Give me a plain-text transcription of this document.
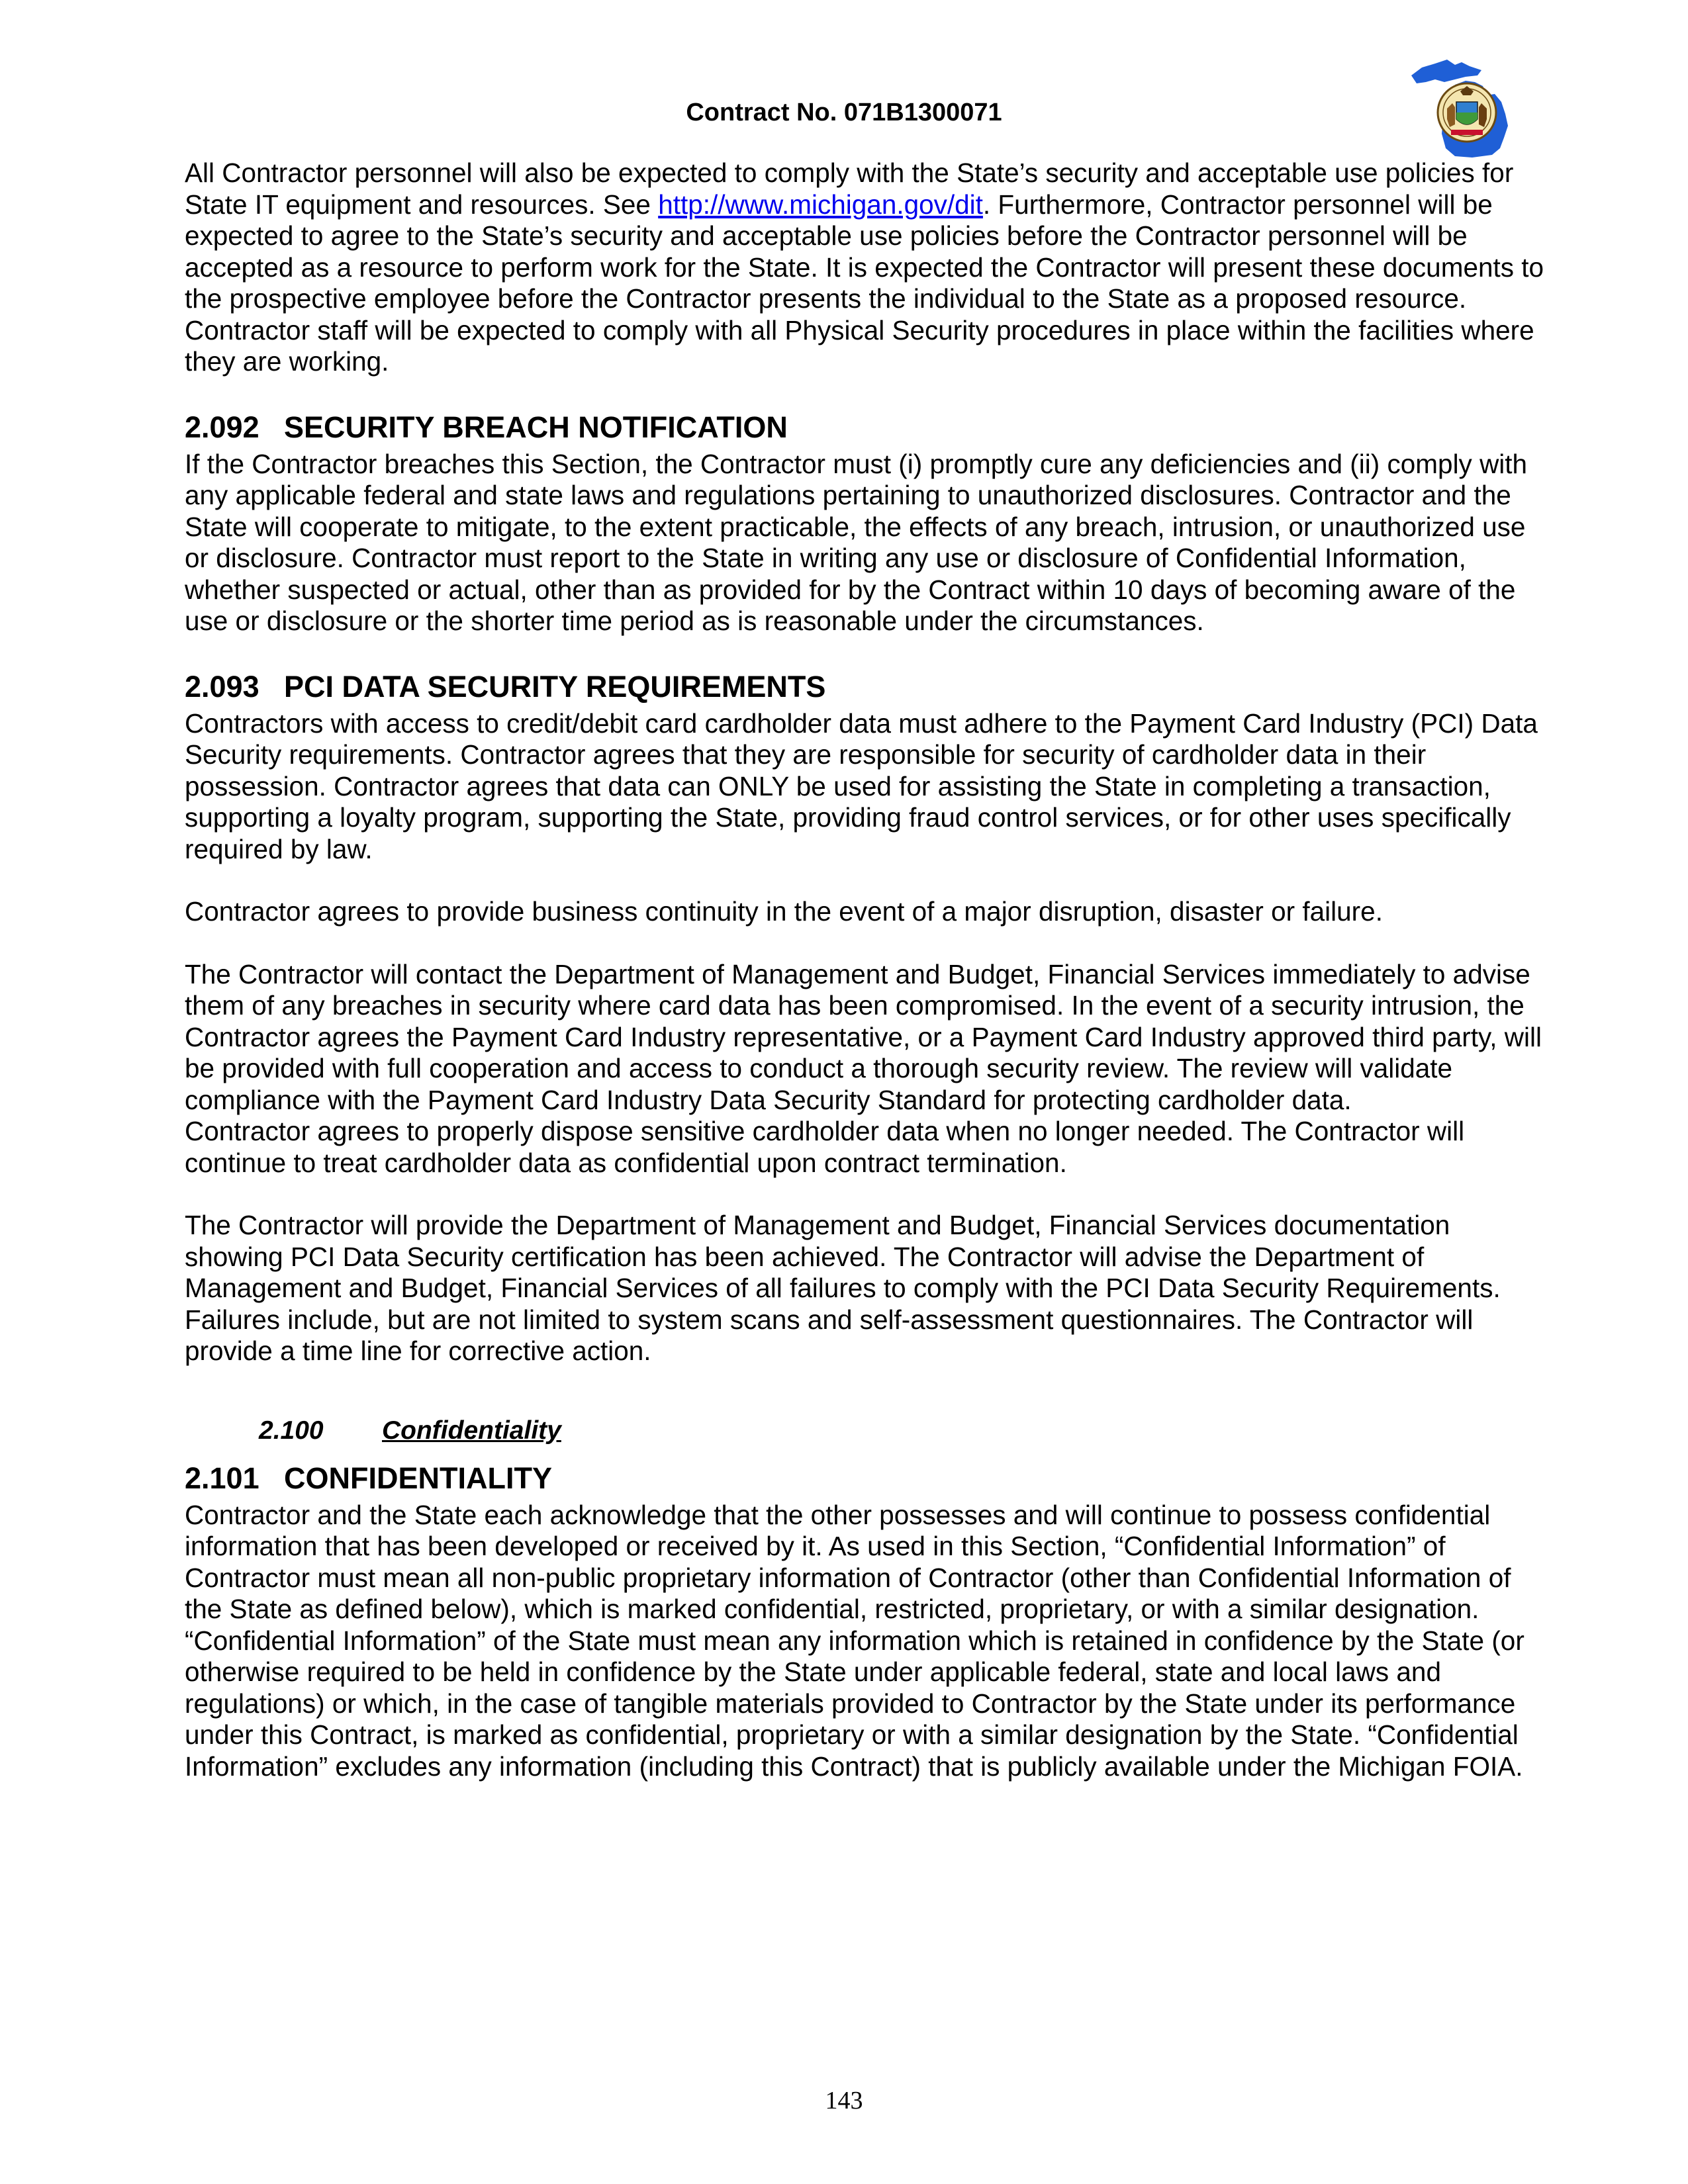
Contract No. 071B1300071

All Contractor personnel will also be expected to comply with the State’s security and acceptable use policies for State IT equipment and resources. See http://www.michigan.gov/dit. Furthermore, Contractor personnel will be expected to agree to the State’s security and acceptable use policies before the Contractor personnel will be accepted as a resource to perform work for the State. It is expected the Contractor will present these documents to the prospective employee before the Contractor presents the individual to the State as a proposed resource. Contractor staff will be expected to comply with all Physical Security procedures in place within the facilities where they are working.

2.092 SECURITY BREACH NOTIFICATION

If the Contractor breaches this Section, the Contractor must (i) promptly cure any deficiencies and (ii) comply with any applicable federal and state laws and regulations pertaining to unauthorized disclosures. Contractor and the State will cooperate to mitigate, to the extent practicable, the effects of any breach, intrusion, or unauthorized use or disclosure. Contractor must report to the State in writing any use or disclosure of Confidential Information, whether suspected or actual, other than as provided for by the Contract within 10 days of becoming aware of the use or disclosure or the shorter time period as is reasonable under the circumstances.

2.093 PCI DATA SECURITY REQUIREMENTS

Contractors with access to credit/debit card cardholder data must adhere to the Payment Card Industry (PCI) Data Security requirements. Contractor agrees that they are responsible for security of cardholder data in their possession. Contractor agrees that data can ONLY be used for assisting the State in completing a transaction, supporting a loyalty program, supporting the State, providing fraud control services, or for other uses specifically required by law.

Contractor agrees to provide business continuity in the event of a major disruption, disaster or failure.

The Contractor will contact the Department of Management and Budget, Financial Services immediately to advise them of any breaches in security where card data has been compromised. In the event of a security intrusion, the Contractor agrees the Payment Card Industry representative, or a Payment Card Industry approved third party, will be provided with full cooperation and access to conduct a thorough security review. The review will validate compliance with the Payment Card Industry Data Security Standard for protecting cardholder data.

Contractor agrees to properly dispose sensitive cardholder data when no longer needed. The Contractor will continue to treat cardholder data as confidential upon contract termination.

The Contractor will provide the Department of Management and Budget, Financial Services documentation showing PCI Data Security certification has been achieved. The Contractor will advise the Department of Management and Budget, Financial Services of all failures to comply with the PCI Data Security Requirements. Failures include, but are not limited to system scans and self-assessment questionnaires. The Contractor will provide a time line for corrective action.

2.100 Confidentiality
2.101 CONFIDENTIALITY

Contractor and the State each acknowledge that the other possesses and will continue to possess confidential information that has been developed or received by it. As used in this Section, “Confidential Information” of Contractor must mean all non-public proprietary information of Contractor (other than Confidential Information of the State as defined below), which is marked confidential, restricted, proprietary, or with a similar designation. “Confidential Information” of the State must mean any information which is retained in confidence by the State (or otherwise required to be held in confidence by the State under applicable federal, state and local laws and regulations) or which, in the case of tangible materials provided to Contractor by the State under its performance under this Contract, is marked as confidential, proprietary or with a similar designation by the State. “Confidential Information” excludes any information (including this Contract) that is publicly available under the Michigan FOIA.

143
